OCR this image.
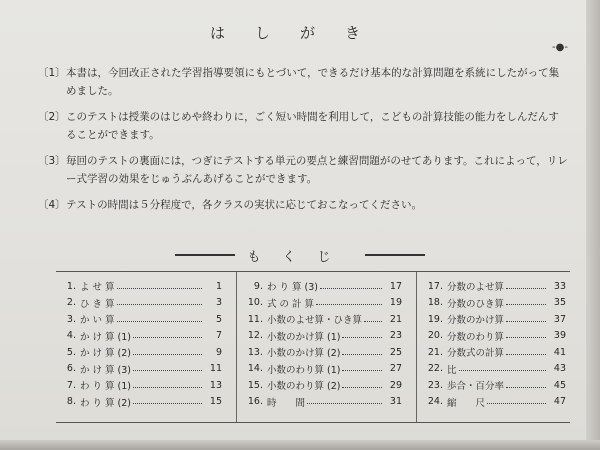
はしがき
-●-
〔1〕 本書は，今回改正された学習指導要領にもとづいて，できるだけ基本的な計算問題を系統にしたがって集めました。
〔2〕 このテストは授業のはじめや終わりに，ごく短い時間を利用して，こどもの計算技能の能力をしんだんすることができます。
〔3〕 毎回のテストの裏面には，つぎにテストする単元の要点と練習問題がのせてあります。これによって，リレー式学習の効果をじゅうぶんあげることができます。
〔4〕 テストの時間は５分程度で，各クラスの実状に応じておこなってください。
もくじ
1. よ せ 算	1
2. ひ き 算	3
3. か い 算	5
4. か け 算 (1)	7
5. か け 算 (2)	9
6. か け 算 (3)	11
7. わ り 算 (1)	13
8. わ り 算 (2)	15
9. わ り 算 (3)	17
10. 式 の 計 算	19
11. 小数のよせ算・ひき算	21
12. 小数のかけ算 (1)	23
13. 小数のかけ算 (2)	25
14. 小数のわり算 (1)	27
15. 小数のわり算 (2)	29
16. 時　　間	31
17. 分数のよせ算	33
18. 分数のひき算	35
19. 分数のかけ算	37
20. 分数のわり算	39
21. 分数式の計算	41
22. 比	43
23. 歩合・百分率	45
24. 縮　　尺	47
